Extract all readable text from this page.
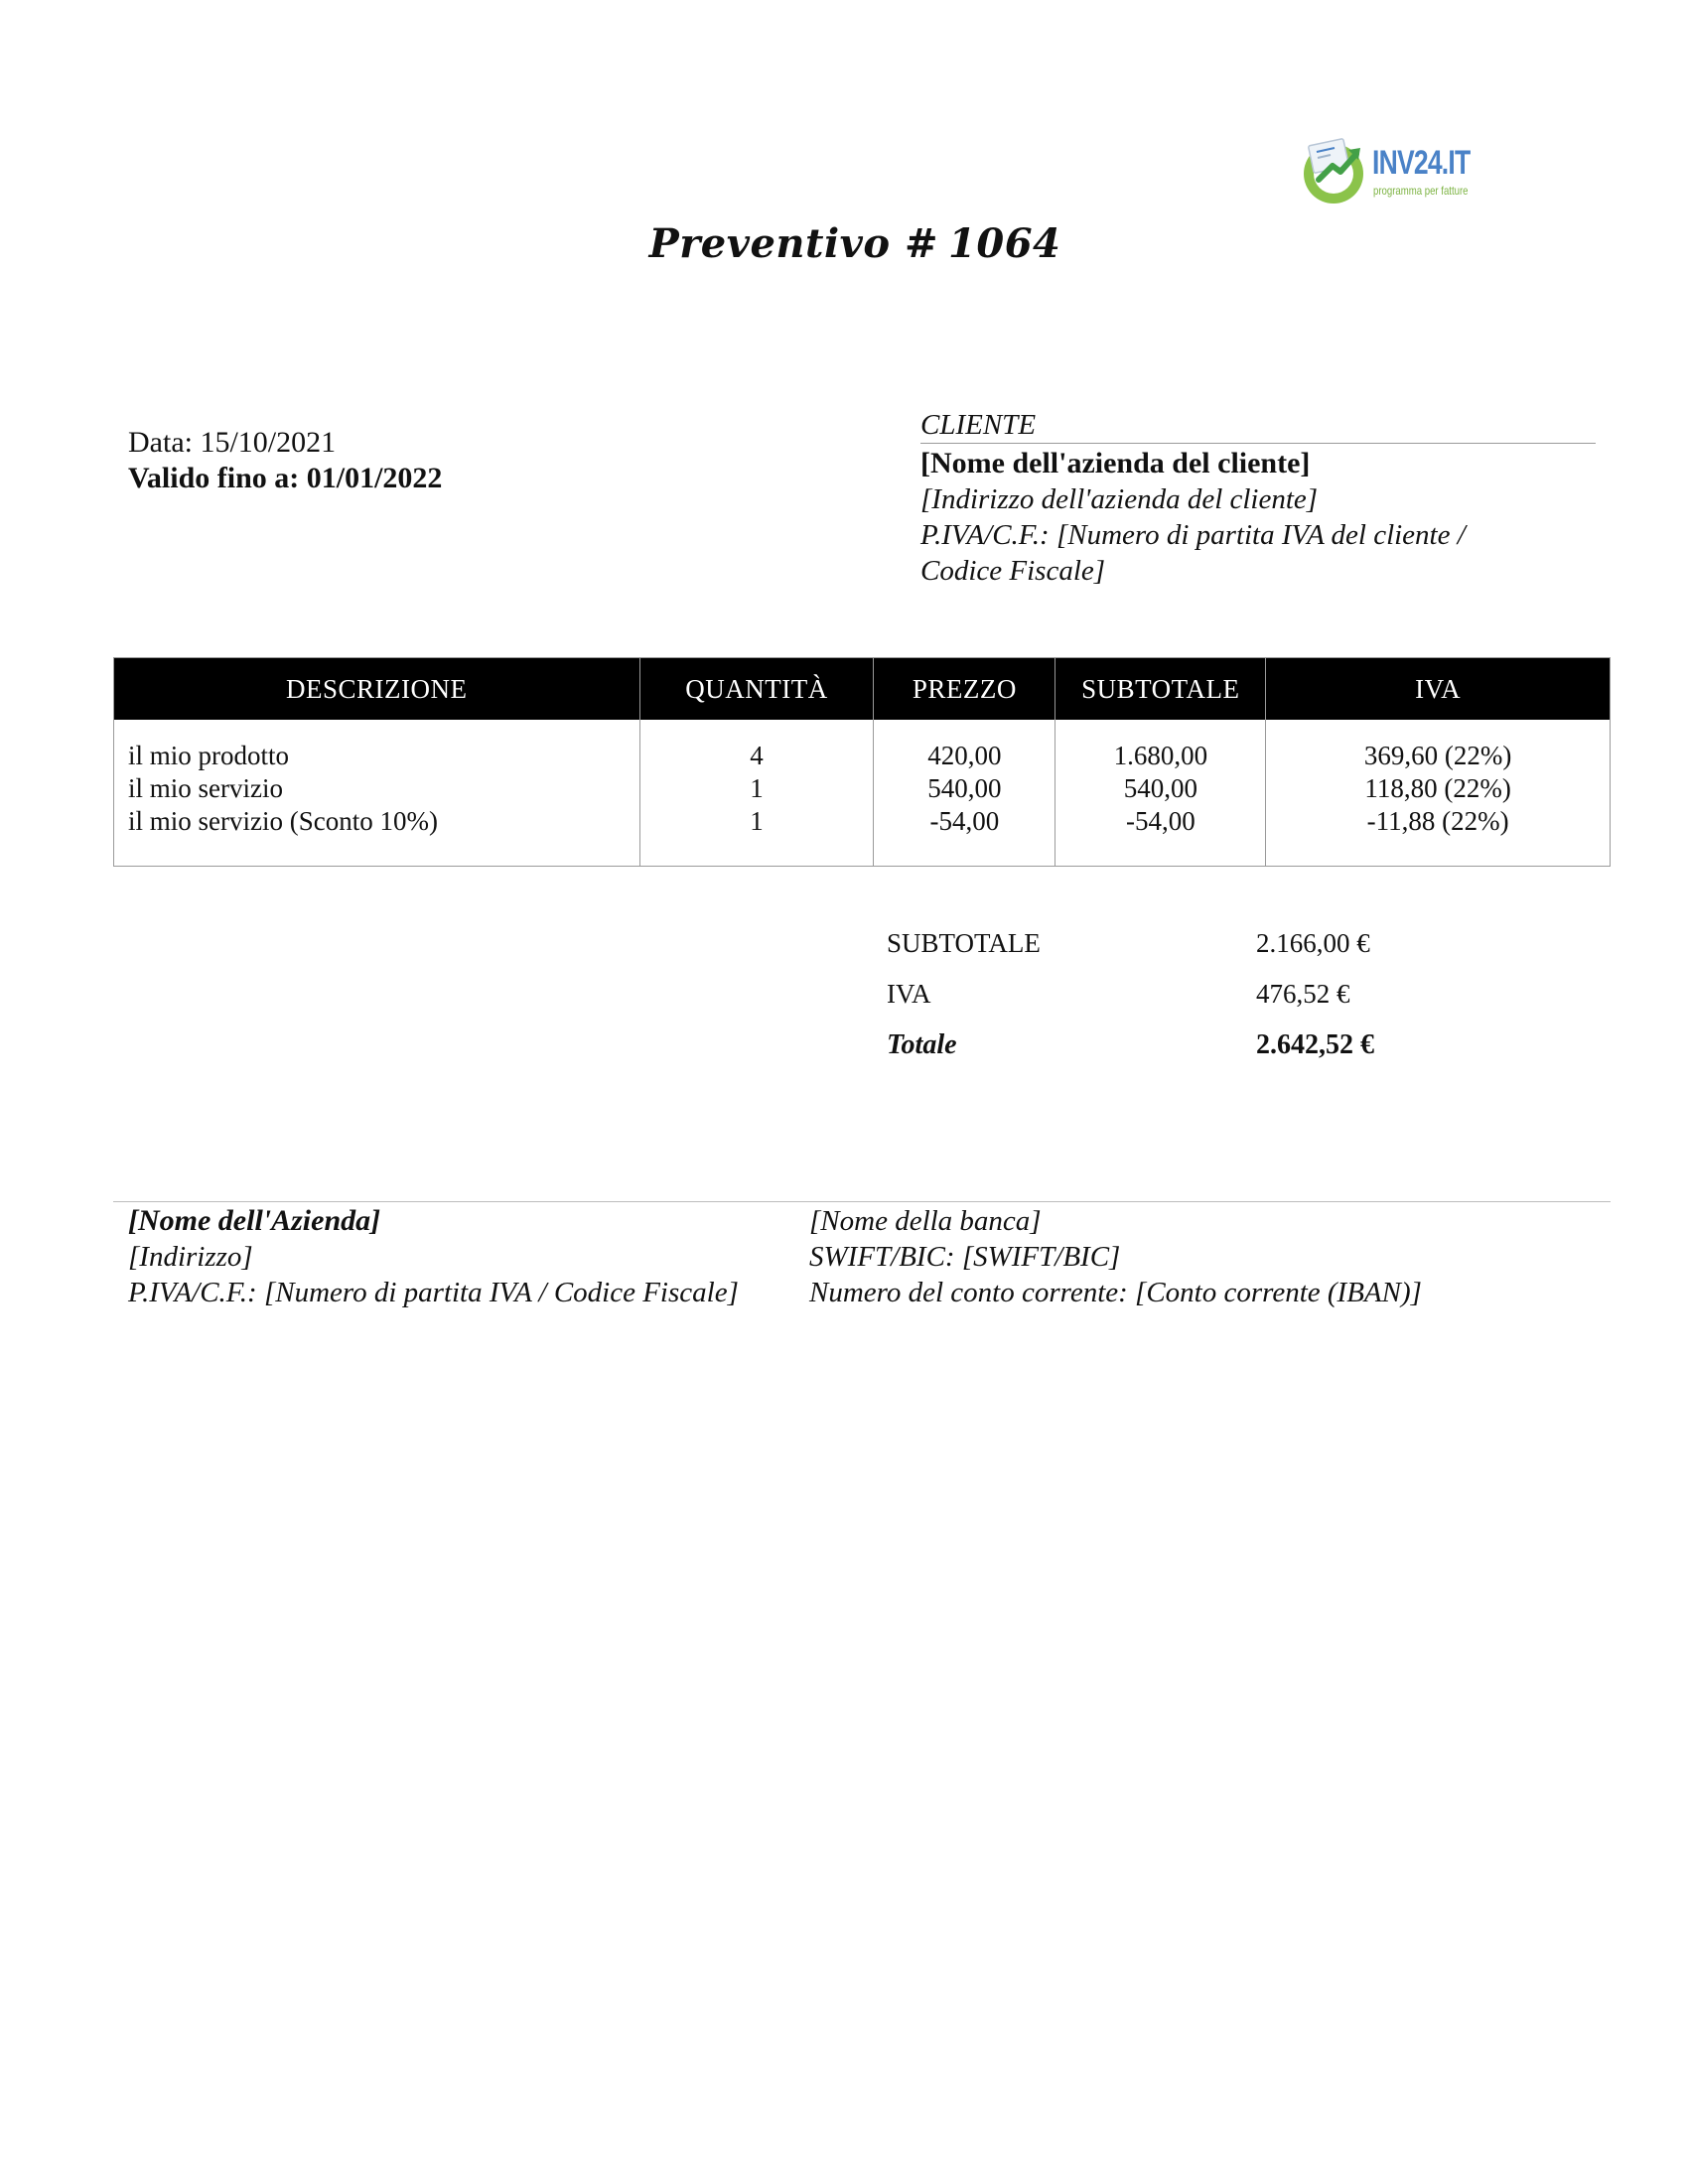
INV24.IT
programma per fatture
Preventivo # 1064
Data: 15/10/2021
Valido fino a: 01/01/2022
CLIENTE
[Nome dell'azienda del cliente]
[Indirizzo dell'azienda del cliente]
P.IVA/C.F.: [Numero di partita IVA del cliente /
Codice Fiscale]
DESCRIZIONE	QUANTITÀ	PREZZO	SUBTOTALE	IVA
il mio prodotto	4	420,00	1.680,00	369,60 (22%)
il mio servizio	1	540,00	540,00	118,80 (22%)
il mio servizio (Sconto 10%)	1	-54,00	-54,00	-11,88 (22%)
SUBTOTALE	2.166,00 €
IVA	476,52 €
Totale	2.642,52 €
[Nome dell'Azienda]
[Indirizzo]
P.IVA/C.F.: [Numero di partita IVA / Codice Fiscale]
[Nome della banca]
SWIFT/BIC: [SWIFT/BIC]
Numero del conto corrente: [Conto corrente (IBAN)]
